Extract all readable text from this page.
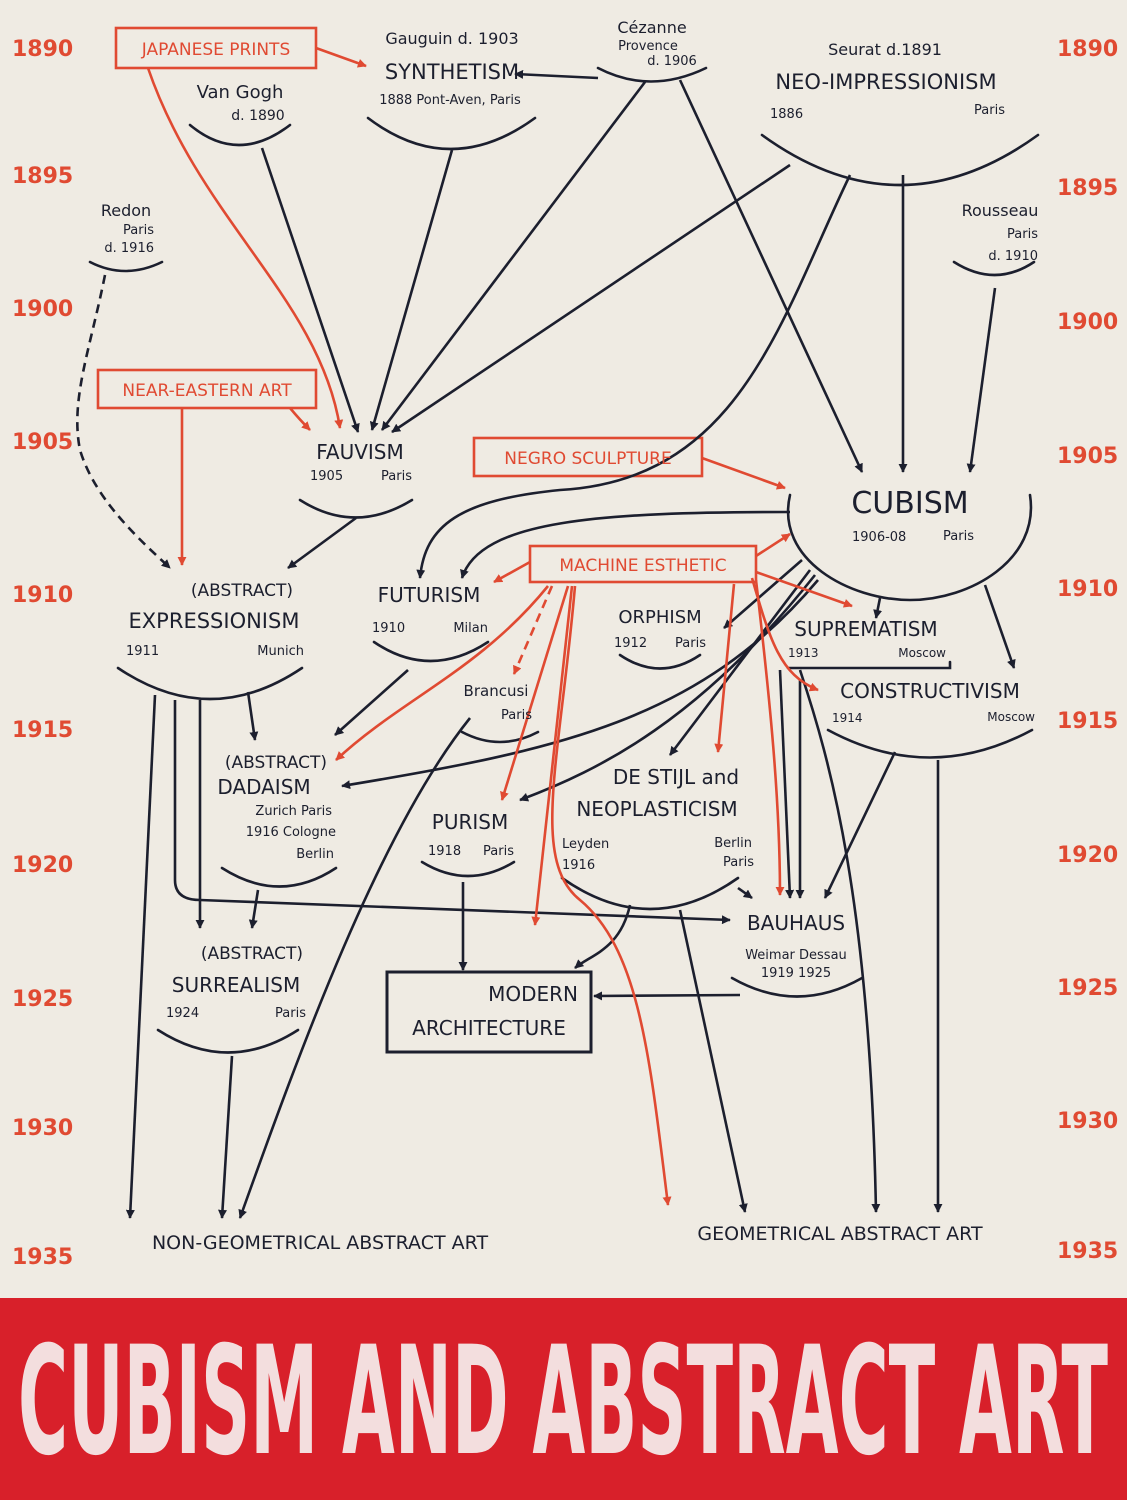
1890
1895
1900
1905
1910
1915
1920
1925
1930
1935
1890
1895
1900
1905
1910
1915
1920
1925
1930
1935
JAPANESE PRINTS
NEAR-EASTERN ART
NEGRO SCULPTURE
MACHINE ESTHETIC
Van Gogh
d. 1890
Gauguin d. 1903
SYNTHETISM
1888 Pont-Aven, Paris
Cézanne
Provence
d. 1906
Seurat d.1891
NEO-IMPRESSIONISM
1886	Paris
Redon
Paris
d. 1916
Rousseau
Paris
d. 1910
FAUVISM
1905	Paris
CUBISM
1906-08	Paris
(ABSTRACT)
EXPRESSIONISM
1911	Munich
FUTURISM
1910	Milan
ORPHISM
1912 Paris
SUPREMATISM
1913	Moscow
CONSTRUCTIVISM
1914	Moscow
Brancusi
Paris
(ABSTRACT)
DADAISM
Zurich Paris
1916 Cologne
Berlin
DE STIJL and
NEOPLASTICISM
Leyden	Berlin
1916	Paris
PURISM
1918 Paris
BAUHAUS
Weimar Dessau
1919 1925
(ABSTRACT)
SURREALISM
1924	Paris
MODERN
ARCHITECTURE
NON-GEOMETRICAL ABSTRACT ART	GEOMETRICAL ABSTRACT ART
CUBISM AND ABSTRACT ART
